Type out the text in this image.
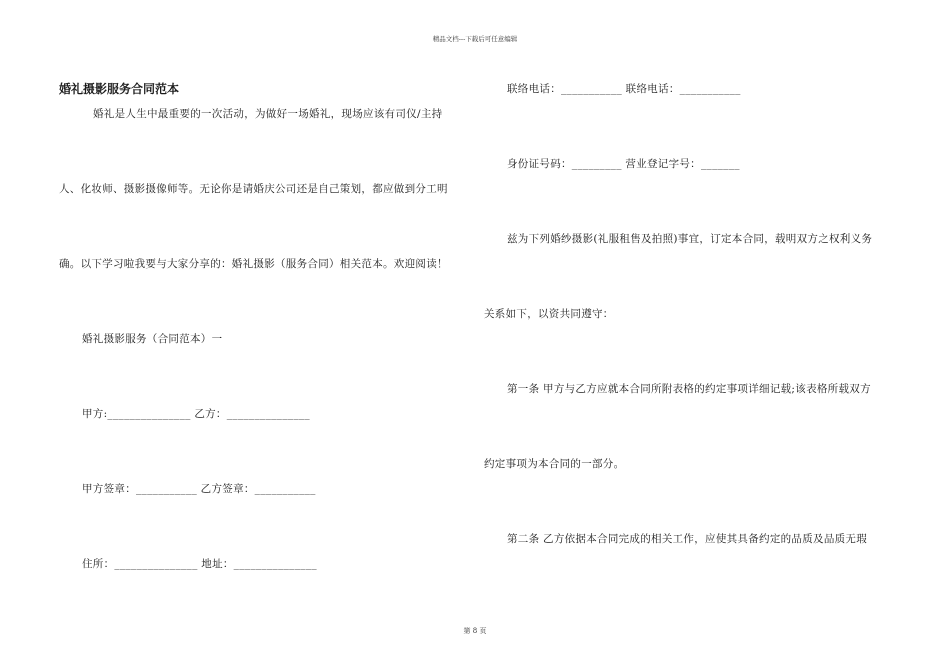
精品文档---下载后可任意编辑
婚礼摄影服务合同范本
婚礼是人生中最重要的一次活动，为做好一场婚礼，现场应该有司仪/主持
人、化妆师、摄影摄像师等。无论你是请婚庆公司还是自己策划，都应做到分工明
确。以下学习啦我要与大家分享的：婚礼摄影（服务合同）相关范本。欢迎阅读！
婚礼摄影服务（合同范本）一
甲方:_______________ 乙方：_______________
甲方签章：___________ 乙方签章：___________
住所：_______________ 地址：_______________
联络电话：___________ 联络电话：___________
身份证号码：_________ 营业登记字号：_______
兹为下列婚纱摄影(礼服租售及拍照)事宜，订定本合同，载明双方之权利义务
关系如下，以资共同遵守：
第一条 甲方与乙方应就本合同所附表格的约定事项详细记载;该表格所载双方
约定事项为本合同的一部分。
第二条 乙方依据本合同完成的相关工作，应使其具备约定的品质及品质无瑕
第 8 页
